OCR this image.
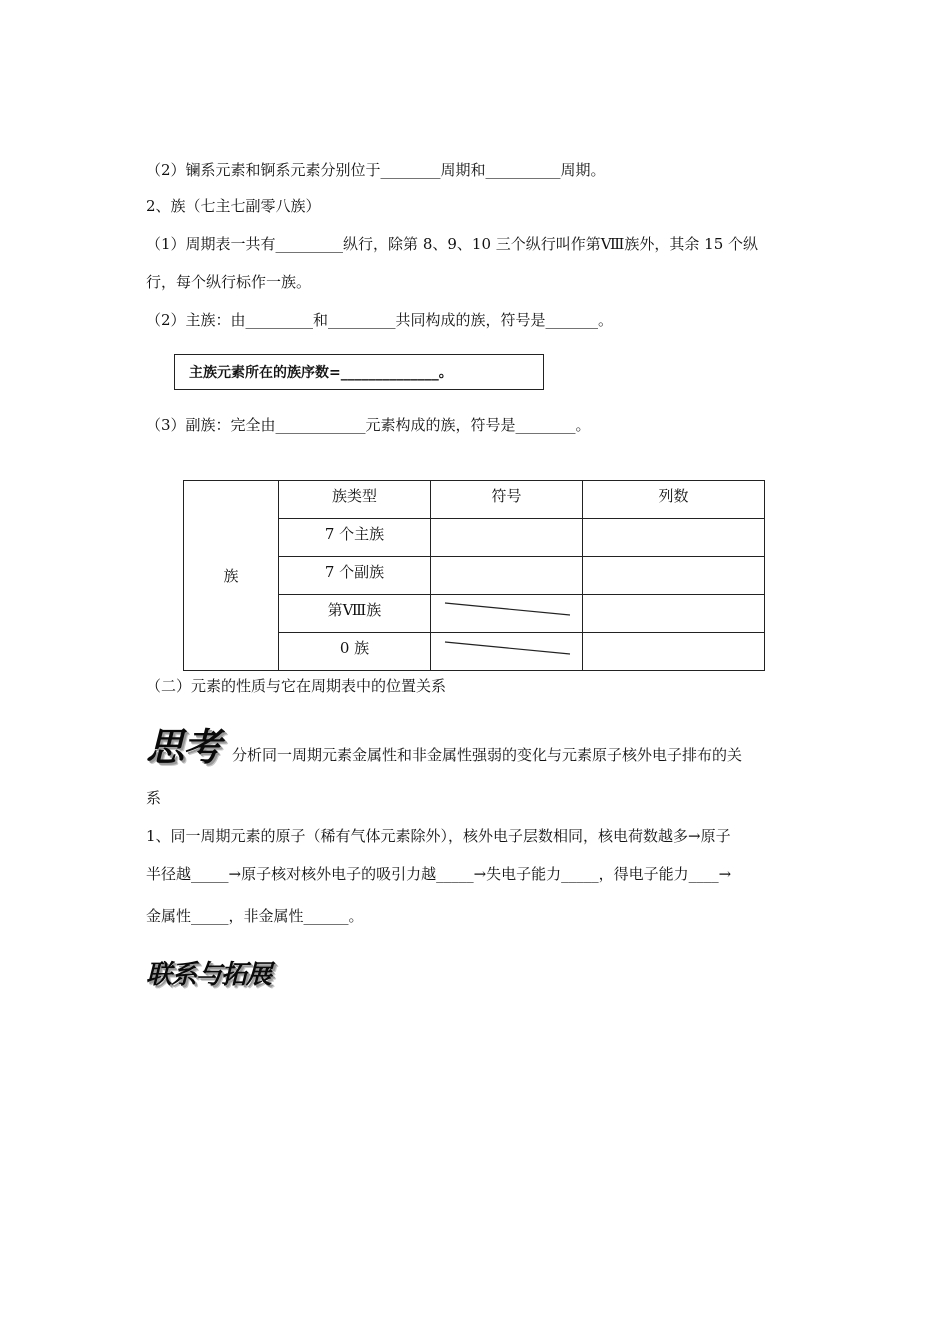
（2）镧系元素和锕系元素分别位于________周期和__________周期。
2、族（七主七副零八族）
（1）周期表一共有_________纵行，除第 8、9、10 三个纵行叫作第Ⅷ族外，其余 15 个纵
行，每个纵行标作一族。
（2）主族：由_________和_________共同构成的族，符号是_______。
主族元素所在的族序数=______________。
（3）副族：完全由____________元素构成的族，符号是________。
族	族类型	符号	列数
	7 个主族		
	7 个副族		
	第Ⅷ族	

	0 族	

（二）元素的性质与它在周期表中的位置关系
思考 分析同一周期元素金属性和非金属性强弱的变化与元素原子核外电子排布的关
系
1、同一周期元素的原子（稀有气体元素除外），核外电子层数相同，核电荷数越多→原子
半径越_____→原子核对核外电子的吸引力越_____→失电子能力_____，得电子能力____→
金属性_____，非金属性______。
联系与拓展
